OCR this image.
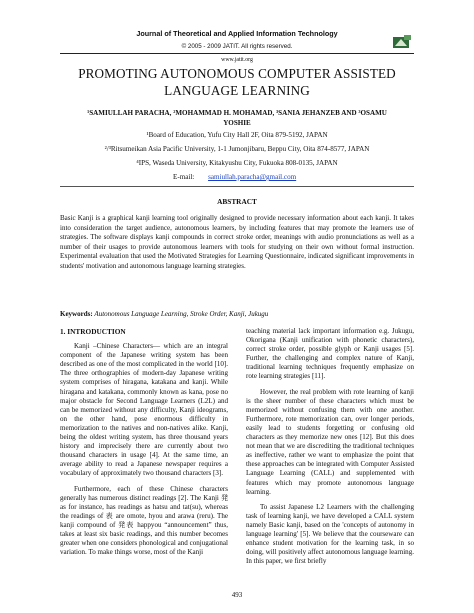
Journal of Theoretical and Applied Information Technology
© 2005 - 2009 JATIT. All rights reserved.
www.jatit.org
PROMOTING AUTONOMOUS COMPUTER ASSISTED
LANGUAGE LEARNING
¹SAMIULLAH PARACHA, ²MOHAMMAD H. MOHAMAD, ³SANIA JEHANZEB AND ³OSAMU
YOSHIE
¹Board of Education, Yufu City Hall 2F, Oita 879-5192, JAPAN
²/³Ritsumeikan Asia Pacific University, 1-1 Jumonjibaru, Beppu City, Oita 874-8577, JAPAN
⁴IPS, Waseda University, Kitakyushu City, Fukuoka 808-0135, JAPAN
E-mail: samiullah.paracha@gmail.com
ABSTRACT
Basic Kanji is a graphical kanji learning tool originally designed to provide necessary information about each kanji. It takes into consideration the target audience, autonomous learners, by including features that may promote the learners use of strategies. The software displays kanji compounds in correct stroke order, meanings with audio pronunciations as well as a number of their usages to provide autonomous learners with tools for studying on their own without formal instruction. Experimental evaluation that used the Motivated Strategies for Learning Questionnaire, indicated significant improvements in students' motivation and autonomous language learning strategies.
Keywords: Autonomous Language Learning, Stroke Order, Kanji, Jukugu

1. INTRODUCTION

Kanji –Chinese Characters— which are an integral component of the Japanese writing system has been described as one of the most complicated in the world [10]. The three orthographies of modern-day Japanese writing system comprises of hiragana, katakana and kanji. While hiragana and katakana, commonly known as kana, pose no major obstacle for Second Language Learners (L2L) and can be memorized without any difficulty, Kanji ideograms, on the other hand, pose enormous difficulty in memorization to the natives and non-natives alike. Kanji, being the oldest writing system, has three thousand years history and imprecisely there are currently about two thousand characters in usage [4]. At the same time, an average ability to read a Japanese newspaper requires a vocabulary of approximately two thousand characters [3].

Furthermore, each of these Chinese characters generally has numerous distinct readings [2]. The Kanji 発 as for instance, has readings as hatsu and tat(su), whereas the readings of 表 are omote, hyou and arawa (reru). The kanji compound of 発表 happyou “announcement” thus, takes at least six basic readings, and this number becomes greater when one considers phonological and conjugational variation. To make things worse, most of the Kanji

teaching material lack important information e.g. Jukugu, Okorigana (Kanji unification with phonetic characters), correct stroke order, possible glyph or Kanji usages [5]. Further, the challenging and complex nature of Kanji, traditional learning techniques frequently emphasize on rote learning strategies [11].

However, the real problem with rote learning of kanji is the sheer number of these characters which must be memorized without confusing them with one another. Furthermore, rote memorization can, over longer periods, easily lead to students forgetting or confusing old characters as they memorize new ones [12]. But this does not mean that we are discrediting the traditional techniques as ineffective, rather we want to emphasize the point that these approaches can be integrated with Computer Assisted Language Learning (CALL) and supplemented with features which may promote autonomous language learning.

To assist Japanese L2 Learners with the challenging task of learning kanji, we have developed a CALL system namely Basic kanji, based on the 'concepts of autonomy in language learning' [5]. We believe that the courseware can enhance student motivation for the learning task, in so doing, will positively affect autonomous language learning. In this paper, we first briefly

493
